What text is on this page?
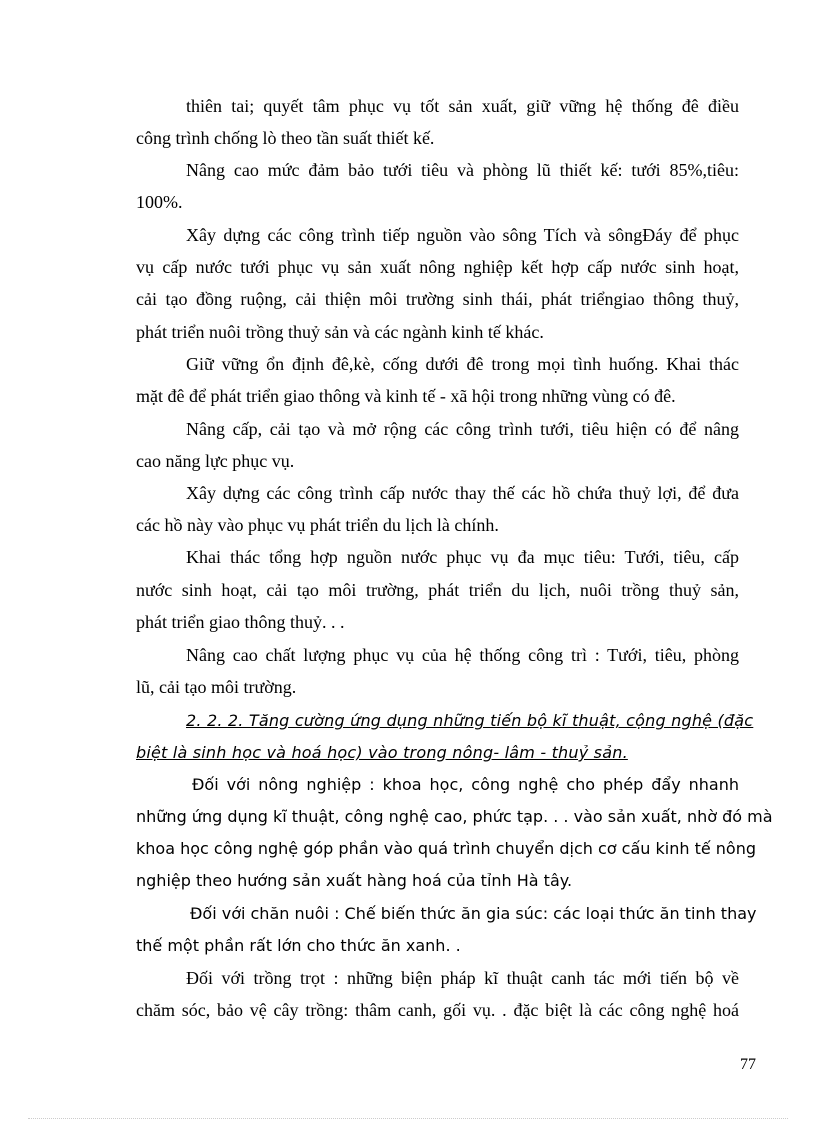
thiên tai; quyết tâm phục vụ tốt sản xuất, giữ vững hệ thống đê điều
công trình chống lò theo tần suất thiết kế.
Nâng cao mức đảm bảo tưới tiêu và phòng lũ thiết kế: tưới 85%,tiêu:
100%.
Xây dựng các công trình tiếp nguồn vào sông Tích và sôngĐáy để phục
vụ cấp nước tưới phục vụ sản xuất nông nghiệp kết hợp cấp nước sinh hoạt,
cải tạo đồng ruộng, cải thiện môi trường sinh thái, phát triểngiao thông thuỷ,
phát triển nuôi trồng thuỷ sản và các ngành kinh tế khác.
Giữ vững ổn định đê,kè, cống dưới đê trong mọi tình huống. Khai thác
mặt đê để phát triển giao thông và kinh tế - xã hội trong những vùng có đê.
Nâng cấp, cải tạo và mở rộng các công trình tưới, tiêu hiện có để nâng
cao năng lực phục vụ.
Xây dựng các công trình cấp nước thay thế các hồ chứa thuỷ lợi, để đưa
các hồ này vào phục vụ phát triển du lịch là chính.
Khai thác tổng hợp nguồn nước phục vụ đa mục tiêu: Tưới, tiêu, cấp
nước sinh hoạt, cải tạo môi trường, phát triển du lịch, nuôi trồng thuỷ sản,
phát triển giao thông thuỷ. . .
Nâng cao chất lượng phục vụ của hệ thống công trì : Tưới, tiêu, phòng
lũ, cải tạo môi trường.
2. 2. 2. Tăng cường ứng dụng những tiến bộ kĩ thuật, cộng nghệ (đặc
biệt là sinh học và hoá học) vào trong nông- lâm - thuỷ sản.
Đối với nông nghiệp : khoa học, công nghệ cho phép đẩy nhanh
những ứng dụng kĩ thuật, công nghệ cao, phức tạp. . . vào sản xuất, nhờ đó mà
khoa học công nghệ góp phần vào quá trình chuyển dịch cơ cấu kinh tế nông
nghiệp theo hướng sản xuất hàng hoá của tỉnh Hà tây.
Đối với chăn nuôi : Chế biến thức ăn gia súc: các loại thức ăn tinh thay
thế một phần rất lớn cho thức ăn xanh. .
Đối với trồng trọt : những biện pháp kĩ thuật canh tác mới tiến bộ về
chăm sóc, bảo vệ cây trồng: thâm canh, gối vụ. . đặc biệt là các công nghệ hoá
77
